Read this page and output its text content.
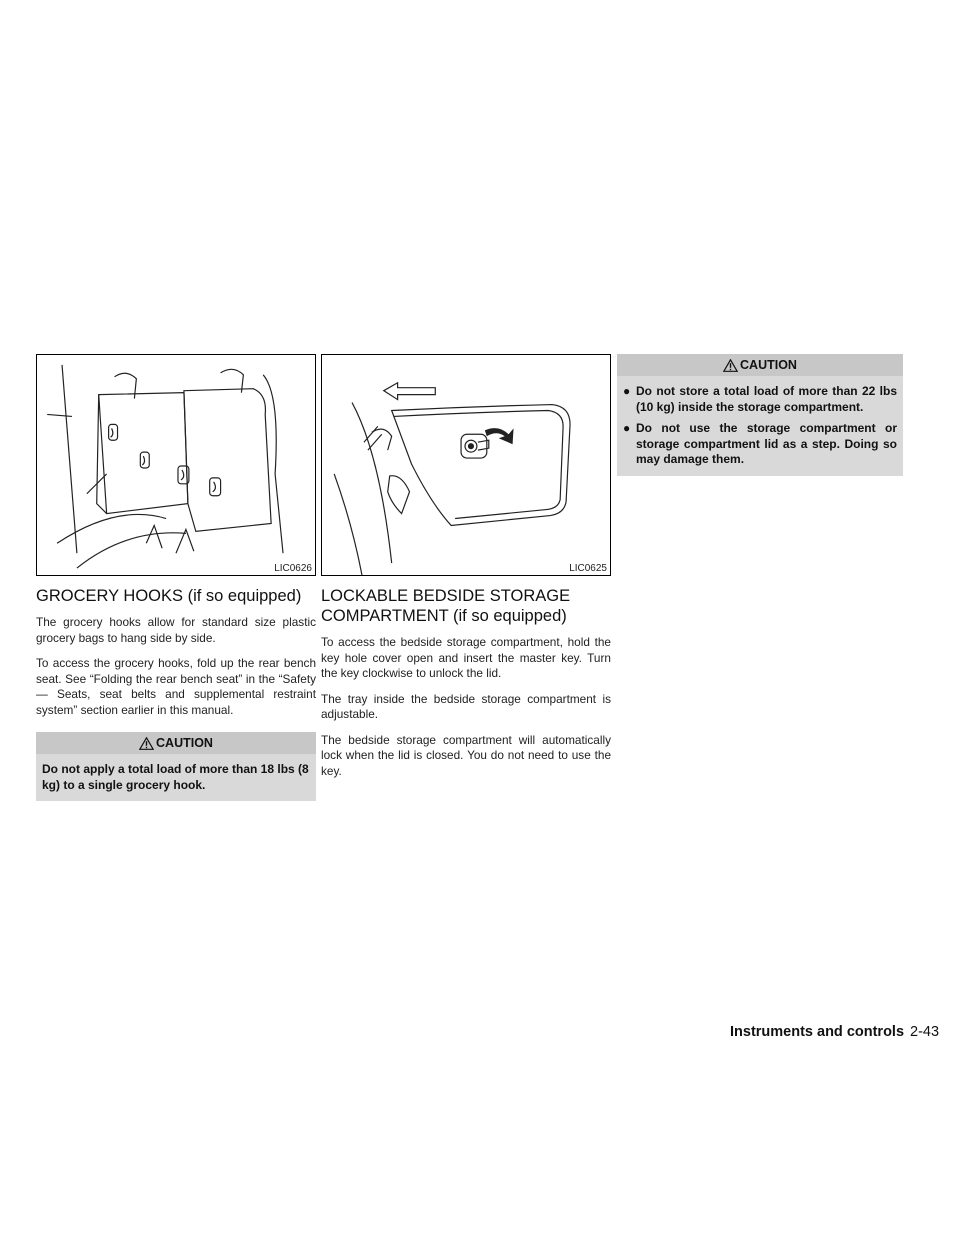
LIC0626
GROCERY HOOKS (if so equipped)

The grocery hooks allow for standard size plastic grocery bags to hang side by side.

To access the grocery hooks, fold up the rear bench seat. See “Folding the rear bench seat” in the “Safety — Seats, seat belts and supplemental restraint system” section earlier in this manual.

CAUTION
Do not apply a total load of more than 18 lbs (8 kg) to a single grocery hook.
LIC0625
LOCKABLE BEDSIDE STORAGE
COMPARTMENT (if so equipped)

To access the bedside storage compartment, hold the key hole cover open and insert the master key. Turn the key clockwise to unlock the lid.

The tray inside the bedside storage compartment is adjustable.

The bedside storage compartment will automatically lock when the lid is closed. You do not need to use the key.

CAUTION
● Do not store a total load of more than 22 lbs (10 kg) inside the storage compartment.
● Do not use the storage compartment or storage compartment lid as a step. Doing so may damage them.
Instruments and controls 2-43
